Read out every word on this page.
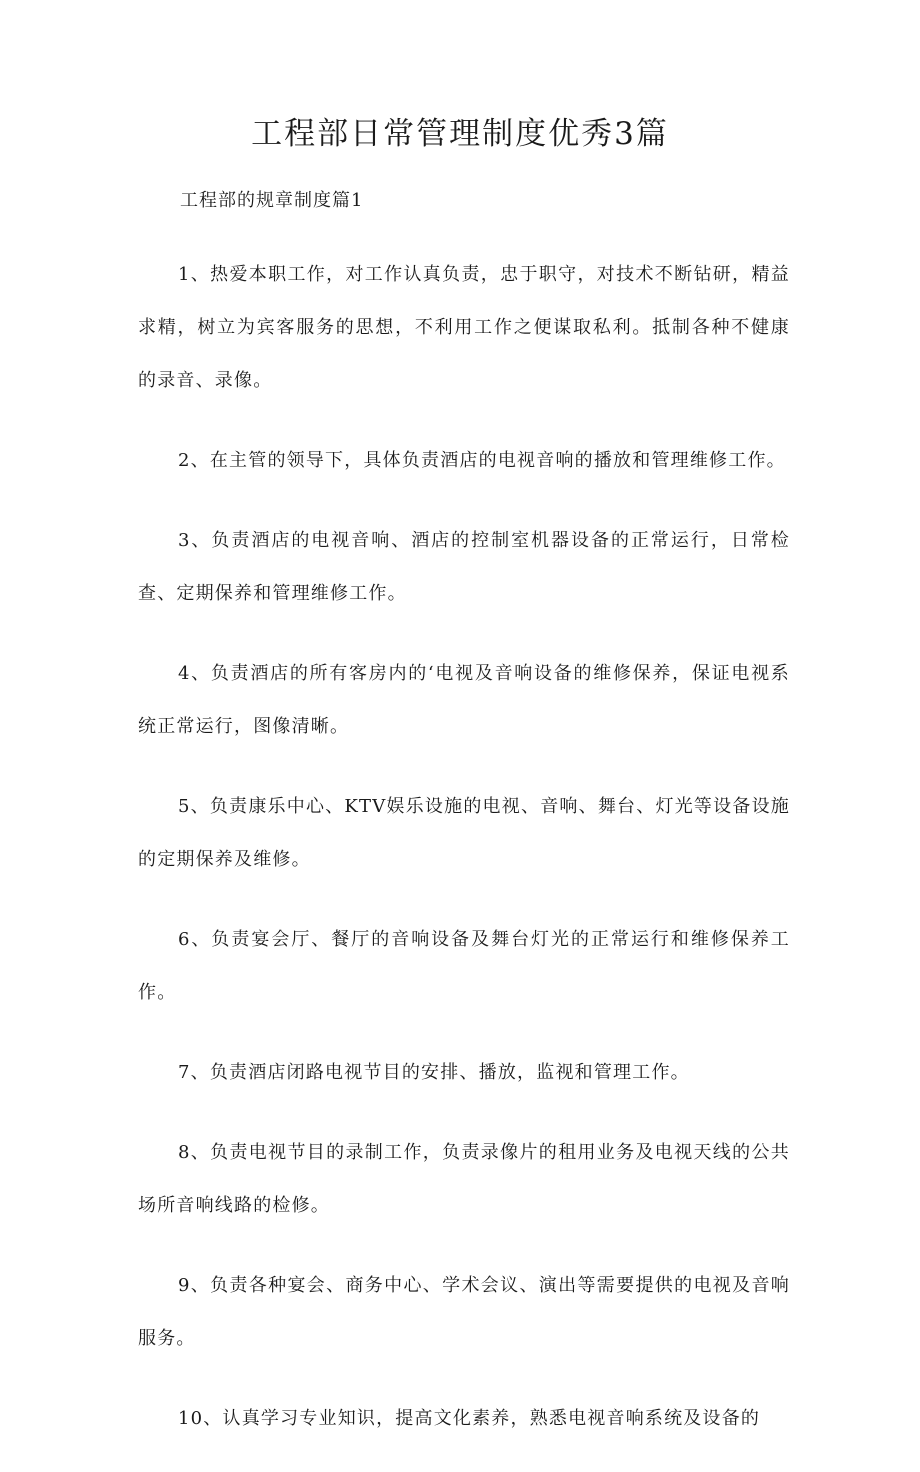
工程部日常管理制度优秀3篇
工程部的规章制度篇1

1、热爱本职工作，对工作认真负责，忠于职守，对技术不断钻研，精益求精，树立为宾客服务的思想，不利用工作之便谋取私利。抵制各种不健康的录音、录像。

2、在主管的领导下，具体负责酒店的电视音响的播放和管理维修工作。

3、负责酒店的电视音响、酒店的控制室机器设备的正常运行，日常检查、定期保养和管理维修工作。

4、负责酒店的所有客房内的‘电视及音响设备的维修保养，保证电视系统正常运行，图像清晰。

5、负责康乐中心、KTV娱乐设施的电视、音响、舞台、灯光等设备设施的定期保养及维修。

6、负责宴会厅、餐厅的音响设备及舞台灯光的正常运行和维修保养工作。

7、负责酒店闭路电视节目的安排、播放，监视和管理工作。

8、负责电视节目的录制工作，负责录像片的租用业务及电视天线的公共场所音响线路的检修。

9、负责各种宴会、商务中心、学术会议、演出等需要提供的电视及音响服务。

10、认真学习专业知识，提高文化素养，熟悉电视音响系统及设备的
